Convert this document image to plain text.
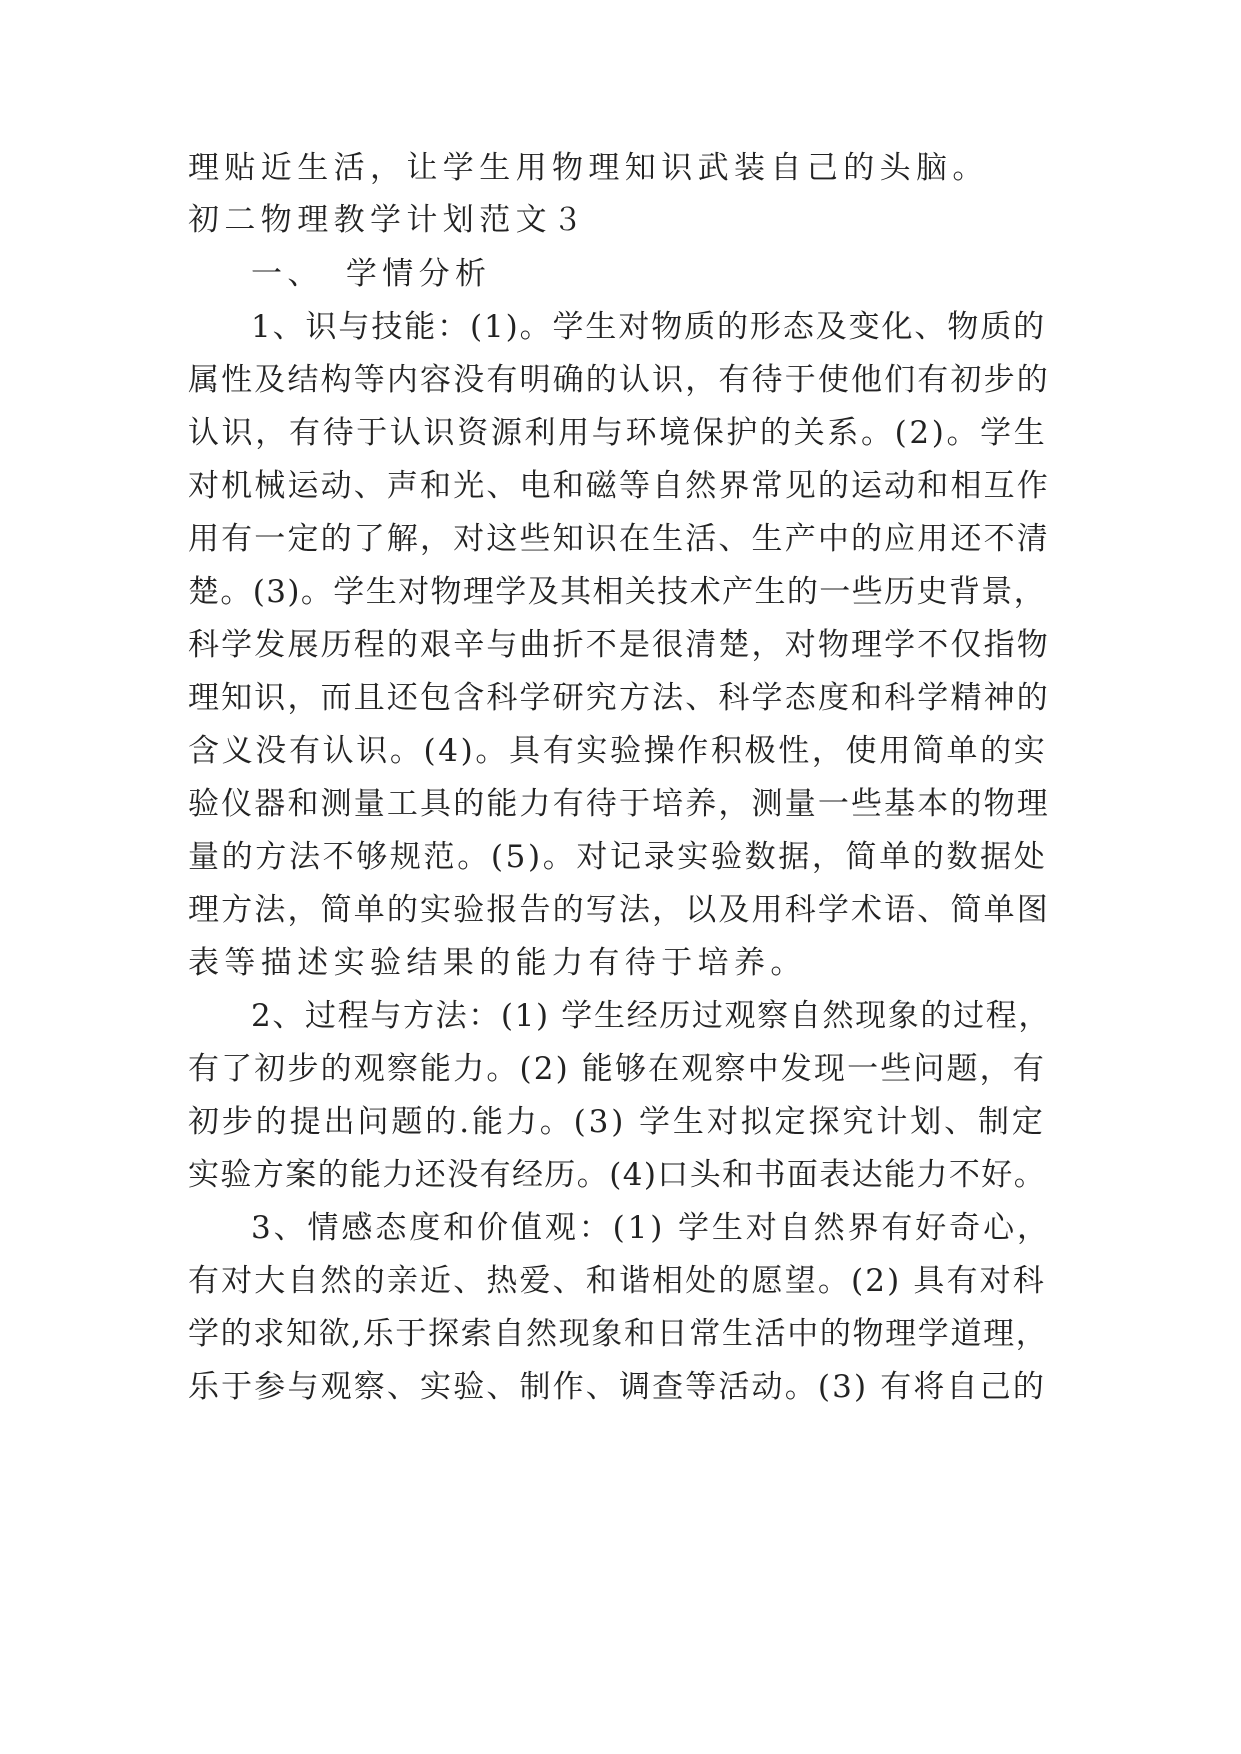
理贴近生活，让学生用物理知识武装自己的头脑。
初二物理教学计划范文３
一、 学情分析
1、识与技能：(1)。学生对物质的形态及变化、物质的
属性及结构等内容没有明确的认识，有待于使他们有初步的
认识，有待于认识资源利用与环境保护的关系。(2)。学生
对机械运动、声和光、电和磁等自然界常见的运动和相互作
用有一定的了解，对这些知识在生活、生产中的应用还不清
楚。(3)。学生对物理学及其相关技术产生的一些历史背景，
科学发展历程的艰辛与曲折不是很清楚，对物理学不仅指物
理知识，而且还包含科学研究方法、科学态度和科学精神的
含义没有认识。(4)。具有实验操作积极性，使用简单的实
验仪器和测量工具的能力有待于培养，测量一些基本的物理
量的方法不够规范。(5)。对记录实验数据，简单的数据处
理方法，简单的实验报告的写法，以及用科学术语、简单图
表等描述实验结果的能力有待于培养。
2、过程与方法：(1) 学生经历过观察自然现象的过程，
有了初步的观察能力。(2) 能够在观察中发现一些问题，有
初步的提出问题的.能力。(3) 学生对拟定探究计划、制定
实验方案的能力还没有经历。(4)口头和书面表达能力不好。
3、情感态度和价值观：(1) 学生对自然界有好奇心，
有对大自然的亲近、热爱、和谐相处的愿望。(2) 具有对科
学的求知欲,乐于探索自然现象和日常生活中的物理学道理，
乐于参与观察、实验、制作、调查等活动。(3) 有将自己的
